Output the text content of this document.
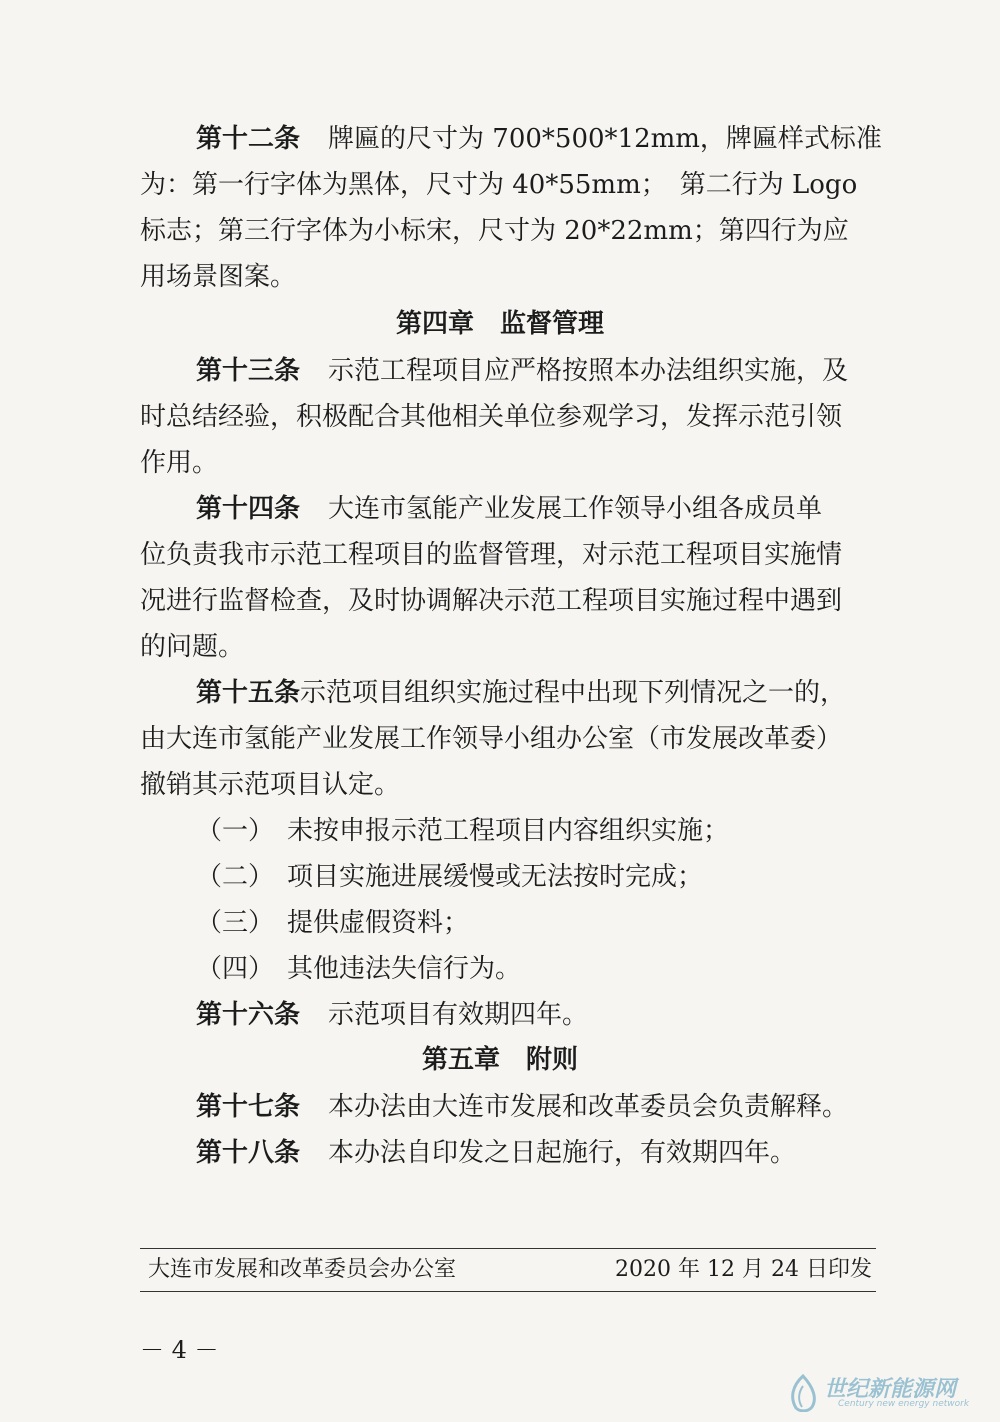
第十二条 牌匾的尺寸为 700*500*12mm，牌匾样式标准
为：第一行字体为黑体，尺寸为 40*55mm；　第二行为 Logo
标志；第三行字体为小标宋，尺寸为 20*22mm；第四行为应
用场景图案。
第四章 监督管理
第十三条 示范工程项目应严格按照本办法组织实施，及
时总结经验，积极配合其他相关单位参观学习，发挥示范引领
作用。
第十四条 大连市氢能产业发展工作领导小组各成员单
位负责我市示范工程项目的监督管理，对示范工程项目实施情
况进行监督检查，及时协调解决示范工程项目实施过程中遇到
的问题。
第十五条示范项目组织实施过程中出现下列情况之一的，
由大连市氢能产业发展工作领导小组办公室（市发展改革委）
撤销其示范项目认定。
（一）　未按申报示范工程项目内容组织实施；
（二）　项目实施进展缓慢或无法按时完成；
（三）　提供虚假资料；
（四）　其他违法失信行为。
第十六条 示范项目有效期四年。
第五章 附则
第十七条 本办法由大连市发展和改革委员会负责解释。
第十八条 本办法自印发之日起施行，有效期四年。
大连市发展和改革委员会办公室	2020 年 12 月 24 日印发
－ 4 －
世纪新能源网
Century new energy network
